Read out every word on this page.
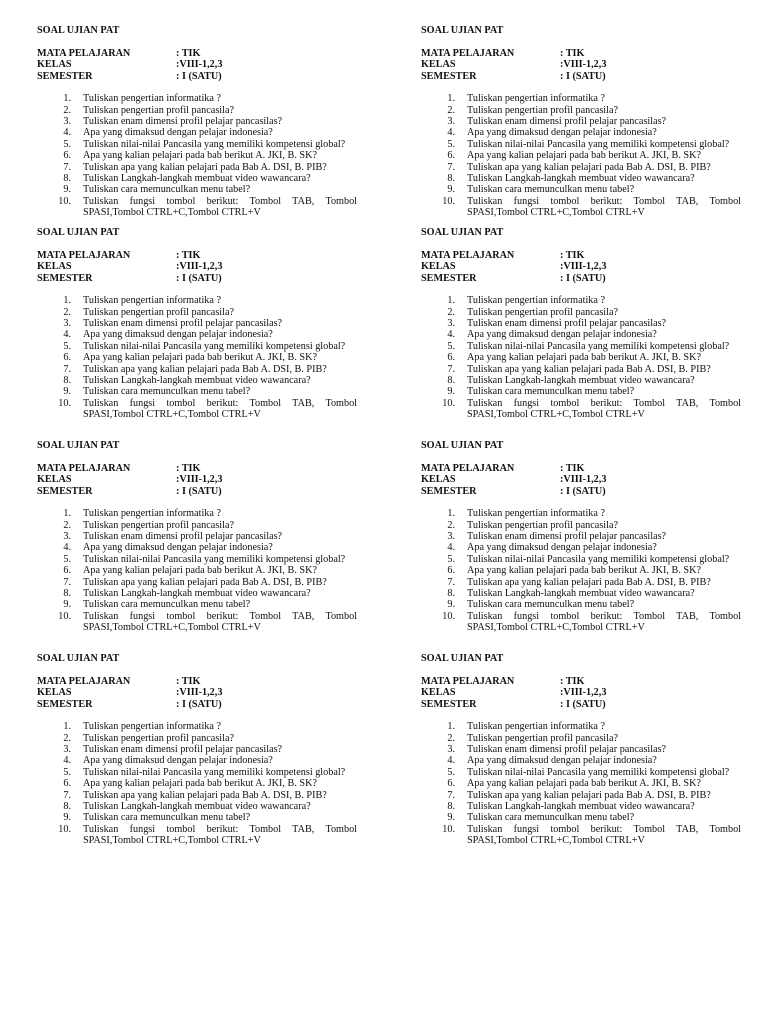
SOAL UJIAN PAT
MATA PELAJARAN	: TIK
KELAS	:VIII-1,2,3
SEMESTER	: I (SATU)
1.	Tuliskan pengertian informatika ?
2.	Tuliskan pengertian profil pancasila?
3.	Tuliskan enam dimensi profil pelajar pancasilas?
4.	Apa yang dimaksud dengan pelajar indonesia?
5.	Tuliskan nilai-nilai Pancasila yang memiliki kompetensi global?
6.	Apa yang kalian pelajari pada bab berikut A. JKI, B. SK?
7.	Tuliskan apa yang kalian pelajari pada Bab A. DSI, B. PIB?
8.	Tuliskan Langkah-langkah membuat video wawancara?
9.	Tuliskan cara memunculkan menu tabel?
10.	Tuliskan fungsi tombol berikut: Tombol TAB, Tombol SPASI,Tombol CTRL+C,Tombol CTRL+V
SOAL UJIAN PAT
MATA PELAJARAN	: TIK
KELAS	:VIII-1,2,3
SEMESTER	: I (SATU)
1.	Tuliskan pengertian informatika ?
2.	Tuliskan pengertian profil pancasila?
3.	Tuliskan enam dimensi profil pelajar pancasilas?
4.	Apa yang dimaksud dengan pelajar indonesia?
5.	Tuliskan nilai-nilai Pancasila yang memiliki kompetensi global?
6.	Apa yang kalian pelajari pada bab berikut A. JKI, B. SK?
7.	Tuliskan apa yang kalian pelajari pada Bab A. DSI, B. PIB?
8.	Tuliskan Langkah-langkah membuat video wawancara?
9.	Tuliskan cara memunculkan menu tabel?
10.	Tuliskan fungsi tombol berikut: Tombol TAB, Tombol SPASI,Tombol CTRL+C,Tombol CTRL+V
SOAL UJIAN PAT
MATA PELAJARAN	: TIK
KELAS	:VIII-1,2,3
SEMESTER	: I (SATU)
1.	Tuliskan pengertian informatika ?
2.	Tuliskan pengertian profil pancasila?
3.	Tuliskan enam dimensi profil pelajar pancasilas?
4.	Apa yang dimaksud dengan pelajar indonesia?
5.	Tuliskan nilai-nilai Pancasila yang memiliki kompetensi global?
6.	Apa yang kalian pelajari pada bab berikut A. JKI, B. SK?
7.	Tuliskan apa yang kalian pelajari pada Bab A. DSI, B. PIB?
8.	Tuliskan Langkah-langkah membuat video wawancara?
9.	Tuliskan cara memunculkan menu tabel?
10.	Tuliskan fungsi tombol berikut: Tombol TAB, Tombol SPASI,Tombol CTRL+C,Tombol CTRL+V
SOAL UJIAN PAT
MATA PELAJARAN	: TIK
KELAS	:VIII-1,2,3
SEMESTER	: I (SATU)
1.	Tuliskan pengertian informatika ?
2.	Tuliskan pengertian profil pancasila?
3.	Tuliskan enam dimensi profil pelajar pancasilas?
4.	Apa yang dimaksud dengan pelajar indonesia?
5.	Tuliskan nilai-nilai Pancasila yang memiliki kompetensi global?
6.	Apa yang kalian pelajari pada bab berikut A. JKI, B. SK?
7.	Tuliskan apa yang kalian pelajari pada Bab A. DSI, B. PIB?
8.	Tuliskan Langkah-langkah membuat video wawancara?
9.	Tuliskan cara memunculkan menu tabel?
10.	Tuliskan fungsi tombol berikut: Tombol TAB, Tombol SPASI,Tombol CTRL+C,Tombol CTRL+V
SOAL UJIAN PAT
MATA PELAJARAN	: TIK
KELAS	:VIII-1,2,3
SEMESTER	: I (SATU)
1.	Tuliskan pengertian informatika ?
2.	Tuliskan pengertian profil pancasila?
3.	Tuliskan enam dimensi profil pelajar pancasilas?
4.	Apa yang dimaksud dengan pelajar indonesia?
5.	Tuliskan nilai-nilai Pancasila yang memiliki kompetensi global?
6.	Apa yang kalian pelajari pada bab berikut A. JKI, B. SK?
7.	Tuliskan apa yang kalian pelajari pada Bab A. DSI, B. PIB?
8.	Tuliskan Langkah-langkah membuat video wawancara?
9.	Tuliskan cara memunculkan menu tabel?
10.	Tuliskan fungsi tombol berikut: Tombol TAB, Tombol SPASI,Tombol CTRL+C,Tombol CTRL+V
SOAL UJIAN PAT
MATA PELAJARAN	: TIK
KELAS	:VIII-1,2,3
SEMESTER	: I (SATU)
1.	Tuliskan pengertian informatika ?
2.	Tuliskan pengertian profil pancasila?
3.	Tuliskan enam dimensi profil pelajar pancasilas?
4.	Apa yang dimaksud dengan pelajar indonesia?
5.	Tuliskan nilai-nilai Pancasila yang memiliki kompetensi global?
6.	Apa yang kalian pelajari pada bab berikut A. JKI, B. SK?
7.	Tuliskan apa yang kalian pelajari pada Bab A. DSI, B. PIB?
8.	Tuliskan Langkah-langkah membuat video wawancara?
9.	Tuliskan cara memunculkan menu tabel?
10.	Tuliskan fungsi tombol berikut: Tombol TAB, Tombol SPASI,Tombol CTRL+C,Tombol CTRL+V
SOAL UJIAN PAT
MATA PELAJARAN	: TIK
KELAS	:VIII-1,2,3
SEMESTER	: I (SATU)
1.	Tuliskan pengertian informatika ?
2.	Tuliskan pengertian profil pancasila?
3.	Tuliskan enam dimensi profil pelajar pancasilas?
4.	Apa yang dimaksud dengan pelajar indonesia?
5.	Tuliskan nilai-nilai Pancasila yang memiliki kompetensi global?
6.	Apa yang kalian pelajari pada bab berikut A. JKI, B. SK?
7.	Tuliskan apa yang kalian pelajari pada Bab A. DSI, B. PIB?
8.	Tuliskan Langkah-langkah membuat video wawancara?
9.	Tuliskan cara memunculkan menu tabel?
10.	Tuliskan fungsi tombol berikut: Tombol TAB, Tombol SPASI,Tombol CTRL+C,Tombol CTRL+V
SOAL UJIAN PAT
MATA PELAJARAN	: TIK
KELAS	:VIII-1,2,3
SEMESTER	: I (SATU)
1.	Tuliskan pengertian informatika ?
2.	Tuliskan pengertian profil pancasila?
3.	Tuliskan enam dimensi profil pelajar pancasilas?
4.	Apa yang dimaksud dengan pelajar indonesia?
5.	Tuliskan nilai-nilai Pancasila yang memiliki kompetensi global?
6.	Apa yang kalian pelajari pada bab berikut A. JKI, B. SK?
7.	Tuliskan apa yang kalian pelajari pada Bab A. DSI, B. PIB?
8.	Tuliskan Langkah-langkah membuat video wawancara?
9.	Tuliskan cara memunculkan menu tabel?
10.	Tuliskan fungsi tombol berikut: Tombol TAB, Tombol SPASI,Tombol CTRL+C,Tombol CTRL+V
